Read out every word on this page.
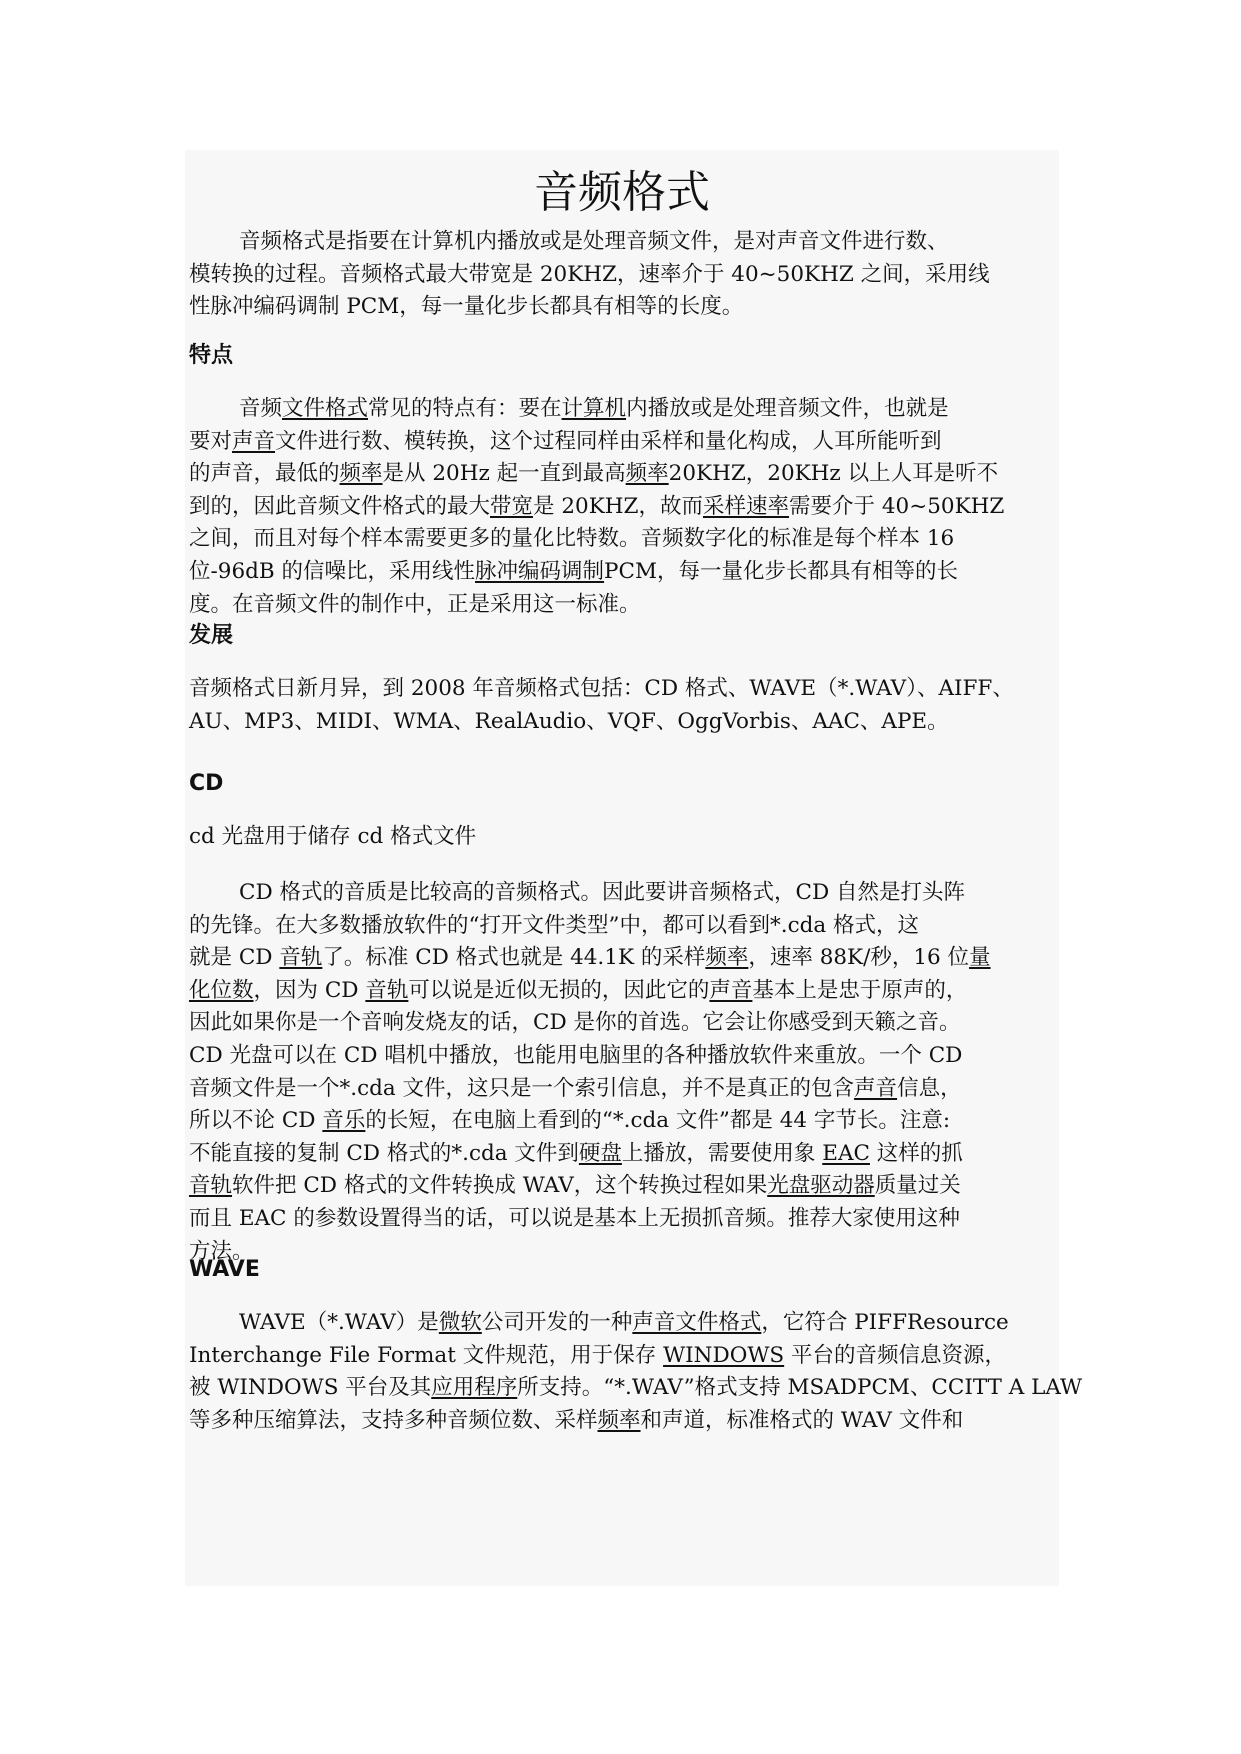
音频格式

音频格式是指要在计算机内播放或是处理音频文件，是对声音文件进行数、
模转换的过程。音频格式最大带宽是 20KHZ，速率介于 40~50KHZ 之间，采用线
性脉冲编码调制 PCM，每一量化步长都具有相等的长度。

特点

音频文件格式常见的特点有：要在计算机内播放或是处理音频文件，也就是
要对声音文件进行数、模转换，这个过程同样由采样和量化构成，人耳所能听到
的声音，最低的频率是从 20Hz 起一直到最高频率20KHZ，20KHz 以上人耳是听不
到的，因此音频文件格式的最大带宽是 20KHZ，故而采样速率需要介于 40~50KHZ
之间，而且对每个样本需要更多的量化比特数。音频数字化的标准是每个样本 16
位-96dB 的信噪比，采用线性脉冲编码调制PCM，每一量化步长都具有相等的长
度。在音频文件的制作中，正是采用这一标准。

发展

音频格式日新月异，到 2008 年音频格式包括：CD 格式、WAVE（*.WAV）、AIFF、
AU、MP3、MIDI、WMA、RealAudio、VQF、OggVorbis、AAC、APE。

CD

cd 光盘用于储存 cd 格式文件

CD 格式的音质是比较高的音频格式。因此要讲音频格式，CD 自然是打头阵
的先锋。在大多数播放软件的“打开文件类型”中，都可以看到*.cda 格式，这
就是 CD 音轨了。标准 CD 格式也就是 44.1K 的采样频率，速率 88K/秒，16 位量
化位数，因为 CD 音轨可以说是近似无损的，因此它的声音基本上是忠于原声的，
因此如果你是一个音响发烧友的话，CD 是你的首选。它会让你感受到天籁之音。
CD 光盘可以在 CD 唱机中播放，也能用电脑里的各种播放软件来重放。一个 CD
音频文件是一个*.cda 文件，这只是一个索引信息，并不是真正的包含声音信息，
所以不论 CD 音乐的长短，在电脑上看到的“*.cda 文件”都是 44 字节长。注意:
不能直接的复制 CD 格式的*.cda 文件到硬盘上播放，需要使用象 EAC 这样的抓
音轨软件把 CD 格式的文件转换成 WAV，这个转换过程如果光盘驱动器质量过关
而且 EAC 的参数设置得当的话，可以说是基本上无损抓音频。推荐大家使用这种
方法。

WAVE

WAVE（*.WAV）是微软公司开发的一种声音文件格式，它符合 PIFFResource
Interchange File Format 文件规范，用于保存 WINDOWS 平台的音频信息资源，
被 WINDOWS 平台及其应用程序所支持。“*.WAV”格式支持 MSADPCM、CCITT A LAW
等多种压缩算法，支持多种音频位数、采样频率和声道，标准格式的 WAV 文件和
